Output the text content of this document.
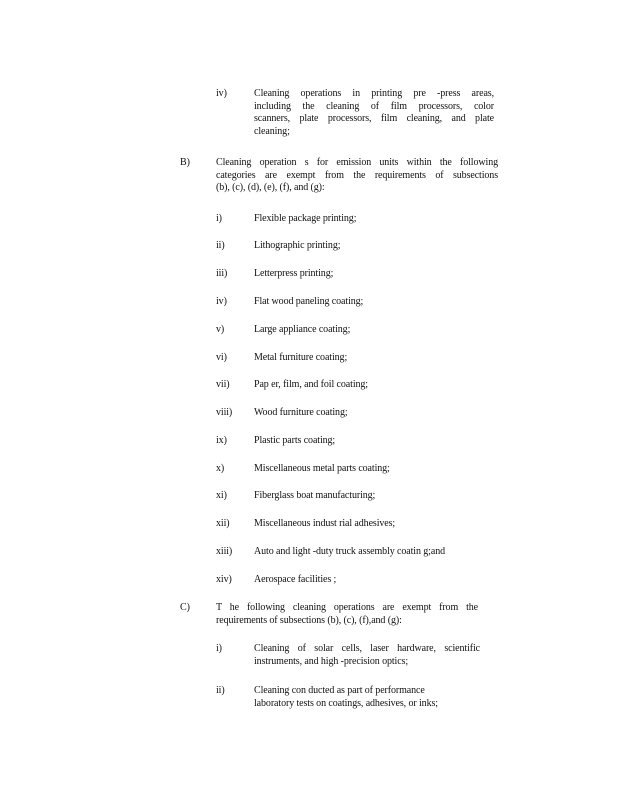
iv)	Cleaning operations in printing pre -press areas,
including the cleaning of film processors, color
scanners, plate processors, film cleaning, and plate
cleaning;
B)	Cleaning operation s for emission units within the following
categories are exempt from the requirements of subsections
(b), (c), (d), (e), (f), and (g):
i)	Flexible package printing;
ii)	Lithographic printing;
iii)	Letterpress printing;
iv)	Flat wood paneling coating;
v)	Large appliance coating;
vi)	Metal furniture coating;
vii) Pap er, film, and foil coating;
viii) Wood furniture coating;
ix)	Plastic parts coating;
x)	Miscellaneous metal parts coating;
xi)	Fiberglass boat manufacturing;
xii) Miscellaneous indust rial adhesives;
xiii) Auto and light -duty truck assembly coatin g;and
xiv) Aerospace facilities ;
C)	T he following cleaning operations are exempt from the
requirements of subsections (b), (c), (f),and (g):
i)	Cleaning of solar cells, laser hardware, scientific
instruments, and high -precision optics;
ii)	Cleaning con ducted as part of performance
laboratory tests on coatings, adhesives, or inks;
